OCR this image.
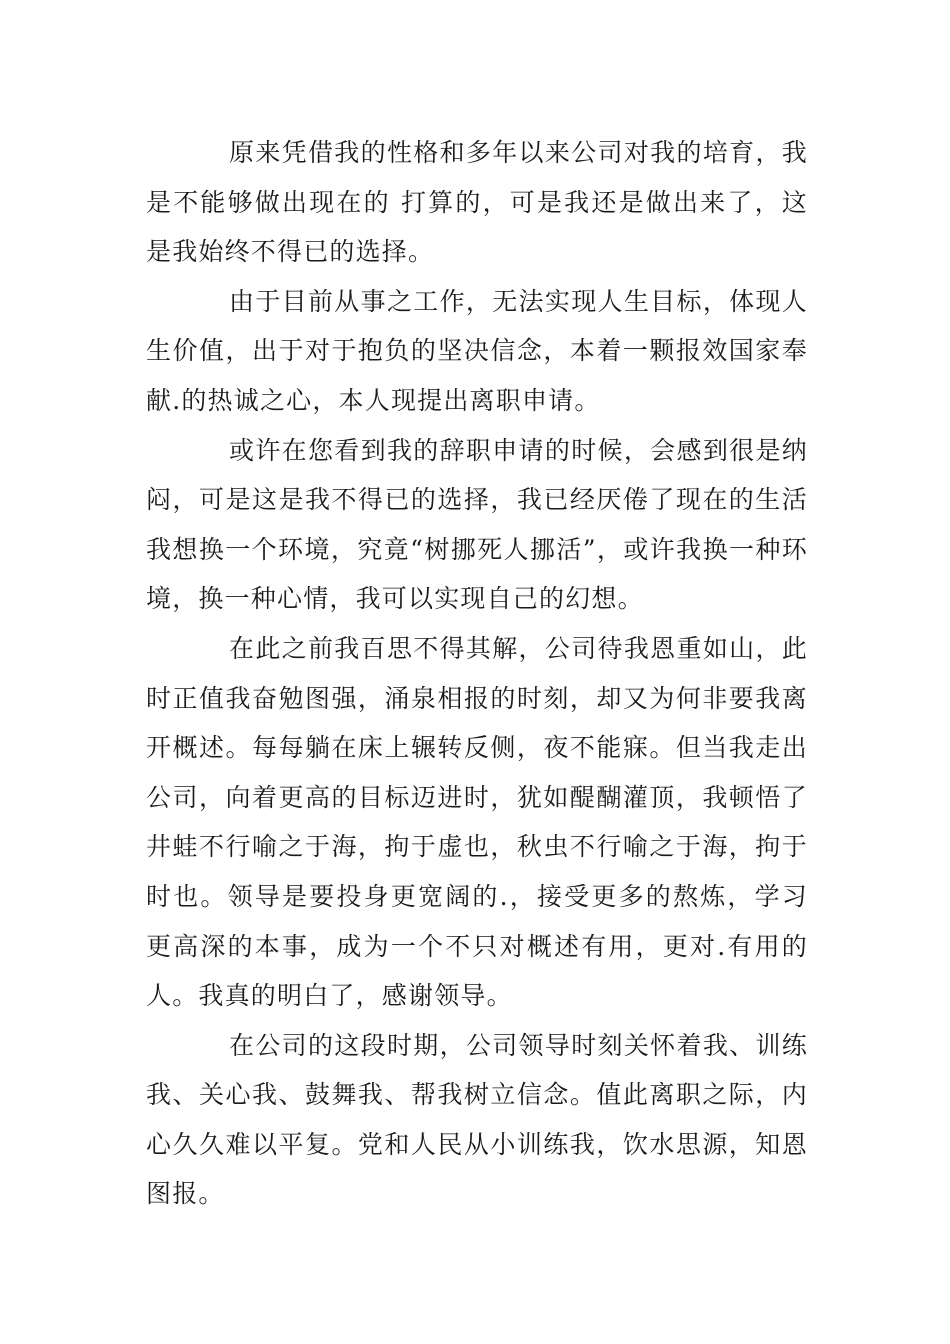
原来凭借我的性格和多年以来公司对我的培育，我是不能够做出现在的 打算的，可是我还是做出来了，这是我始终不得已的选择。

由于目前从事之工作，无法实现人生目标，体现人生价值，出于对于抱负的坚决信念，本着一颗报效国家奉献.的热诚之心，本人现提出离职申请。

或许在您看到我的辞职申请的时候，会感到很是纳闷，可是这是我不得已的选择，我已经厌倦了现在的生活我想换一个环境，究竟“树挪死人挪活”，或许我换一种环境，换一种心情，我可以实现自己的幻想。

在此之前我百思不得其解，公司待我恩重如山，此时正值我奋勉图强，涌泉相报的时刻，却又为何非要我离开概述。每每躺在床上辗转反侧，夜不能寐。但当我走出公司，向着更高的目标迈进时，犹如醍醐灌顶，我顿悟了井蛙不行喻之于海，拘于虚也，秋虫不行喻之于海，拘于时也。领导是要投身更宽阔的.，接受更多的熬炼，学习更高深的本事，成为一个不只对概述有用，更对.有用的人。我真的明白了，感谢领导。

在公司的这段时期，公司领导时刻关怀着我、训练我、关心我、鼓舞我、帮我树立信念。值此离职之际，内心久久难以平复。党和人民从小训练我，饮水思源，知恩图报。
